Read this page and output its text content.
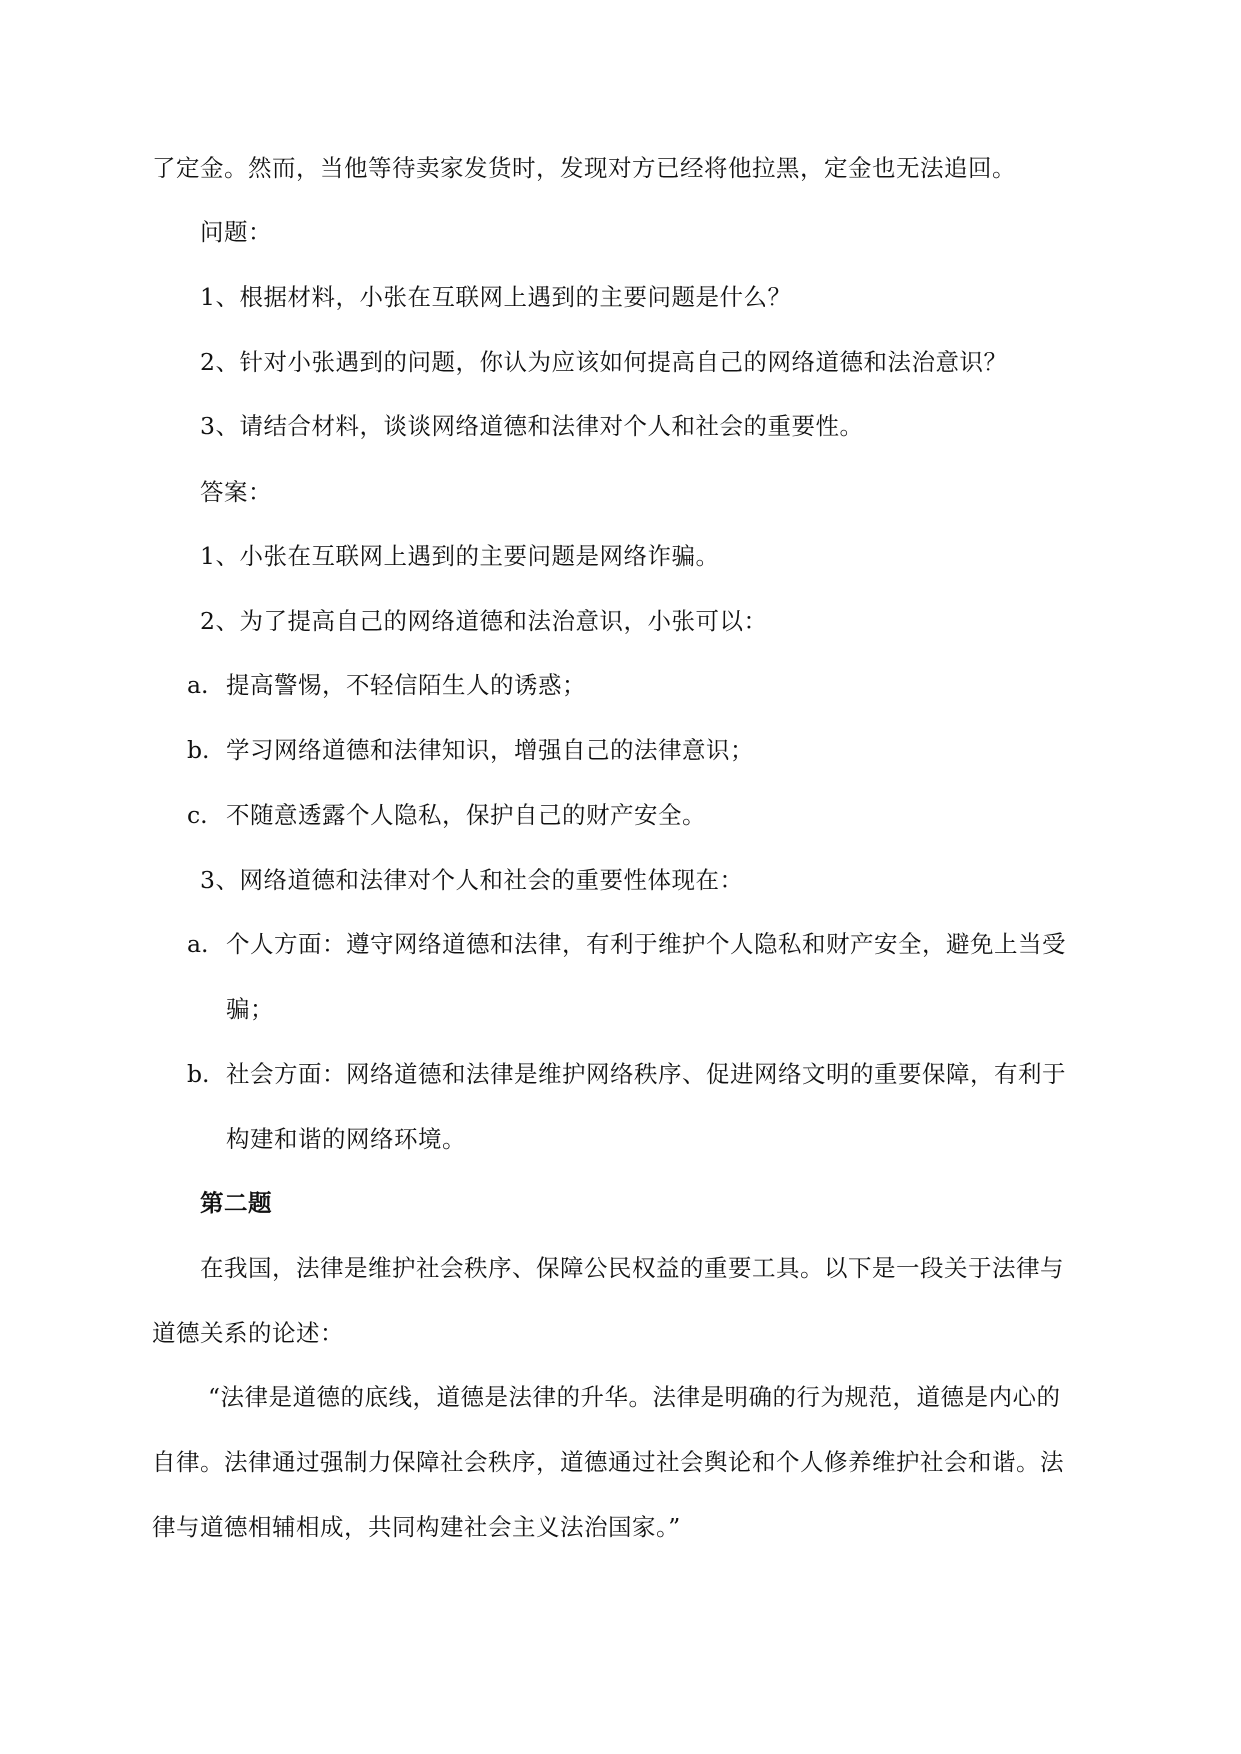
了定金。然而，当他等待卖家发货时，发现对方已经将他拉黑，定金也无法追回。
问题：
1、根据材料，小张在互联网上遇到的主要问题是什么？
2、针对小张遇到的问题，你认为应该如何提高自己的网络道德和法治意识？
3、请结合材料，谈谈网络道德和法律对个人和社会的重要性。
答案：
1、小张在互联网上遇到的主要问题是网络诈骗。
2、为了提高自己的网络道德和法治意识，小张可以：
a. 提高警惕，不轻信陌生人的诱惑；
b. 学习网络道德和法律知识，增强自己的法律意识；
c. 不随意透露个人隐私，保护自己的财产安全。
3、网络道德和法律对个人和社会的重要性体现在：
a. 个人方面：遵守网络道德和法律，有利于维护个人隐私和财产安全，避免上当受
骗；
b. 社会方面：网络道德和法律是维护网络秩序、促进网络文明的重要保障，有利于
构建和谐的网络环境。
第二题
在我国，法律是维护社会秩序、保障公民权益的重要工具。以下是一段关于法律与
道德关系的论述：
“法律是道德的底线，道德是法律的升华。法律是明确的行为规范，道德是内心的
自律。法律通过强制力保障社会秩序，道德通过社会舆论和个人修养维护社会和谐。法
律与道德相辅相成，共同构建社会主义法治国家。”
